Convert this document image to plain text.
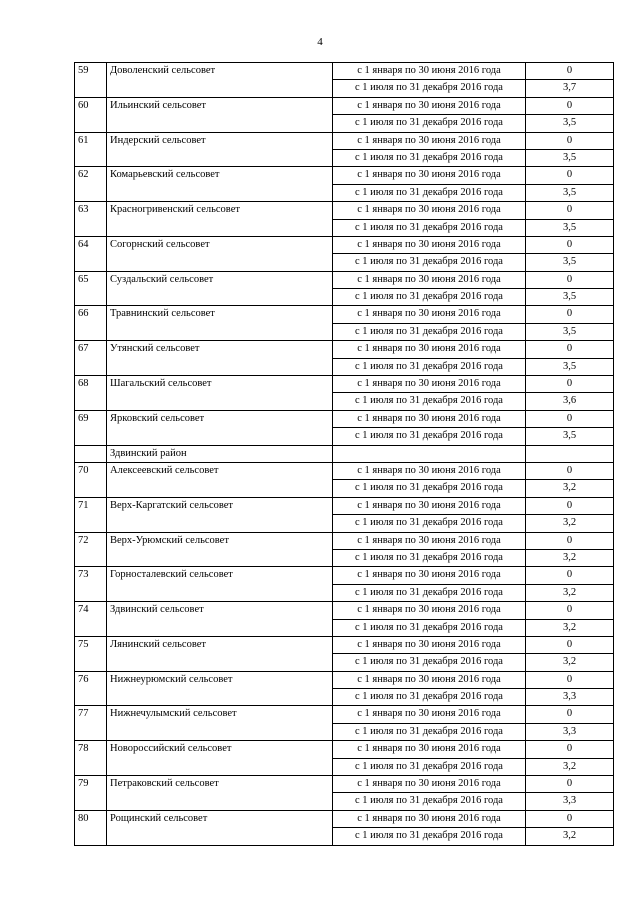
4
59	Доволенский сельсовет	с 1 января по 30 июня 2016 года	0
		с 1 июля по 31 декабря 2016 года	3,7
60	Ильинский сельсовет	с 1 января по 30 июня 2016 года	0
		с 1 июля по 31 декабря 2016 года	3,5
61	Индерский сельсовет	с 1 января по 30 июня 2016 года	0
		с 1 июля по 31 декабря 2016 года	3,5
62	Комарьевский сельсовет	с 1 января по 30 июня 2016 года	0
		с 1 июля по 31 декабря 2016 года	3,5
63	Красногривенский сельсовет	с 1 января по 30 июня 2016 года	0
		с 1 июля по 31 декабря 2016 года	3,5
64	Согорнский сельсовет	с 1 января по 30 июня 2016 года	0
		с 1 июля по 31 декабря 2016 года	3,5
65	Суздальский сельсовет	с 1 января по 30 июня 2016 года	0
		с 1 июля по 31 декабря 2016 года	3,5
66	Травнинский сельсовет	с 1 января по 30 июня 2016 года	0
		с 1 июля по 31 декабря 2016 года	3,5
67	Утянский сельсовет	с 1 января по 30 июня 2016 года	0
		с 1 июля по 31 декабря 2016 года	3,5
68	Шагальский сельсовет	с 1 января по 30 июня 2016 года	0
		с 1 июля по 31 декабря 2016 года	3,6
69	Ярковский сельсовет	с 1 января по 30 июня 2016 года	0
		с 1 июля по 31 декабря 2016 года	3,5
	Здвинский район		
70	Алексеевский сельсовет	с 1 января по 30 июня 2016 года	0
		с 1 июля по 31 декабря 2016 года	3,2
71	Верх-Каргатский сельсовет	с 1 января по 30 июня 2016 года	0
		с 1 июля по 31 декабря 2016 года	3,2
72	Верх-Урюмский сельсовет	с 1 января по 30 июня 2016 года	0
		с 1 июля по 31 декабря 2016 года	3,2
73	Горносталевский сельсовет	с 1 января по 30 июня 2016 года	0
		с 1 июля по 31 декабря 2016 года	3,2
74	Здвинский сельсовет	с 1 января по 30 июня 2016 года	0
		с 1 июля по 31 декабря 2016 года	3,2
75	Лянинский сельсовет	с 1 января по 30 июня 2016 года	0
		с 1 июля по 31 декабря 2016 года	3,2
76	Нижнеурюмский сельсовет	с 1 января по 30 июня 2016 года	0
		с 1 июля по 31 декабря 2016 года	3,3
77	Нижнечулымский сельсовет	с 1 января по 30 июня 2016 года	0
		с 1 июля по 31 декабря 2016 года	3,3
78	Новороссийский сельсовет	с 1 января по 30 июня 2016 года	0
		с 1 июля по 31 декабря 2016 года	3,2
79	Петраковский сельсовет	с 1 января по 30 июня 2016 года	0
		с 1 июля по 31 декабря 2016 года	3,3
80	Рощинский сельсовет	с 1 января по 30 июня 2016 года	0
		с 1 июля по 31 декабря 2016 года	3,2
